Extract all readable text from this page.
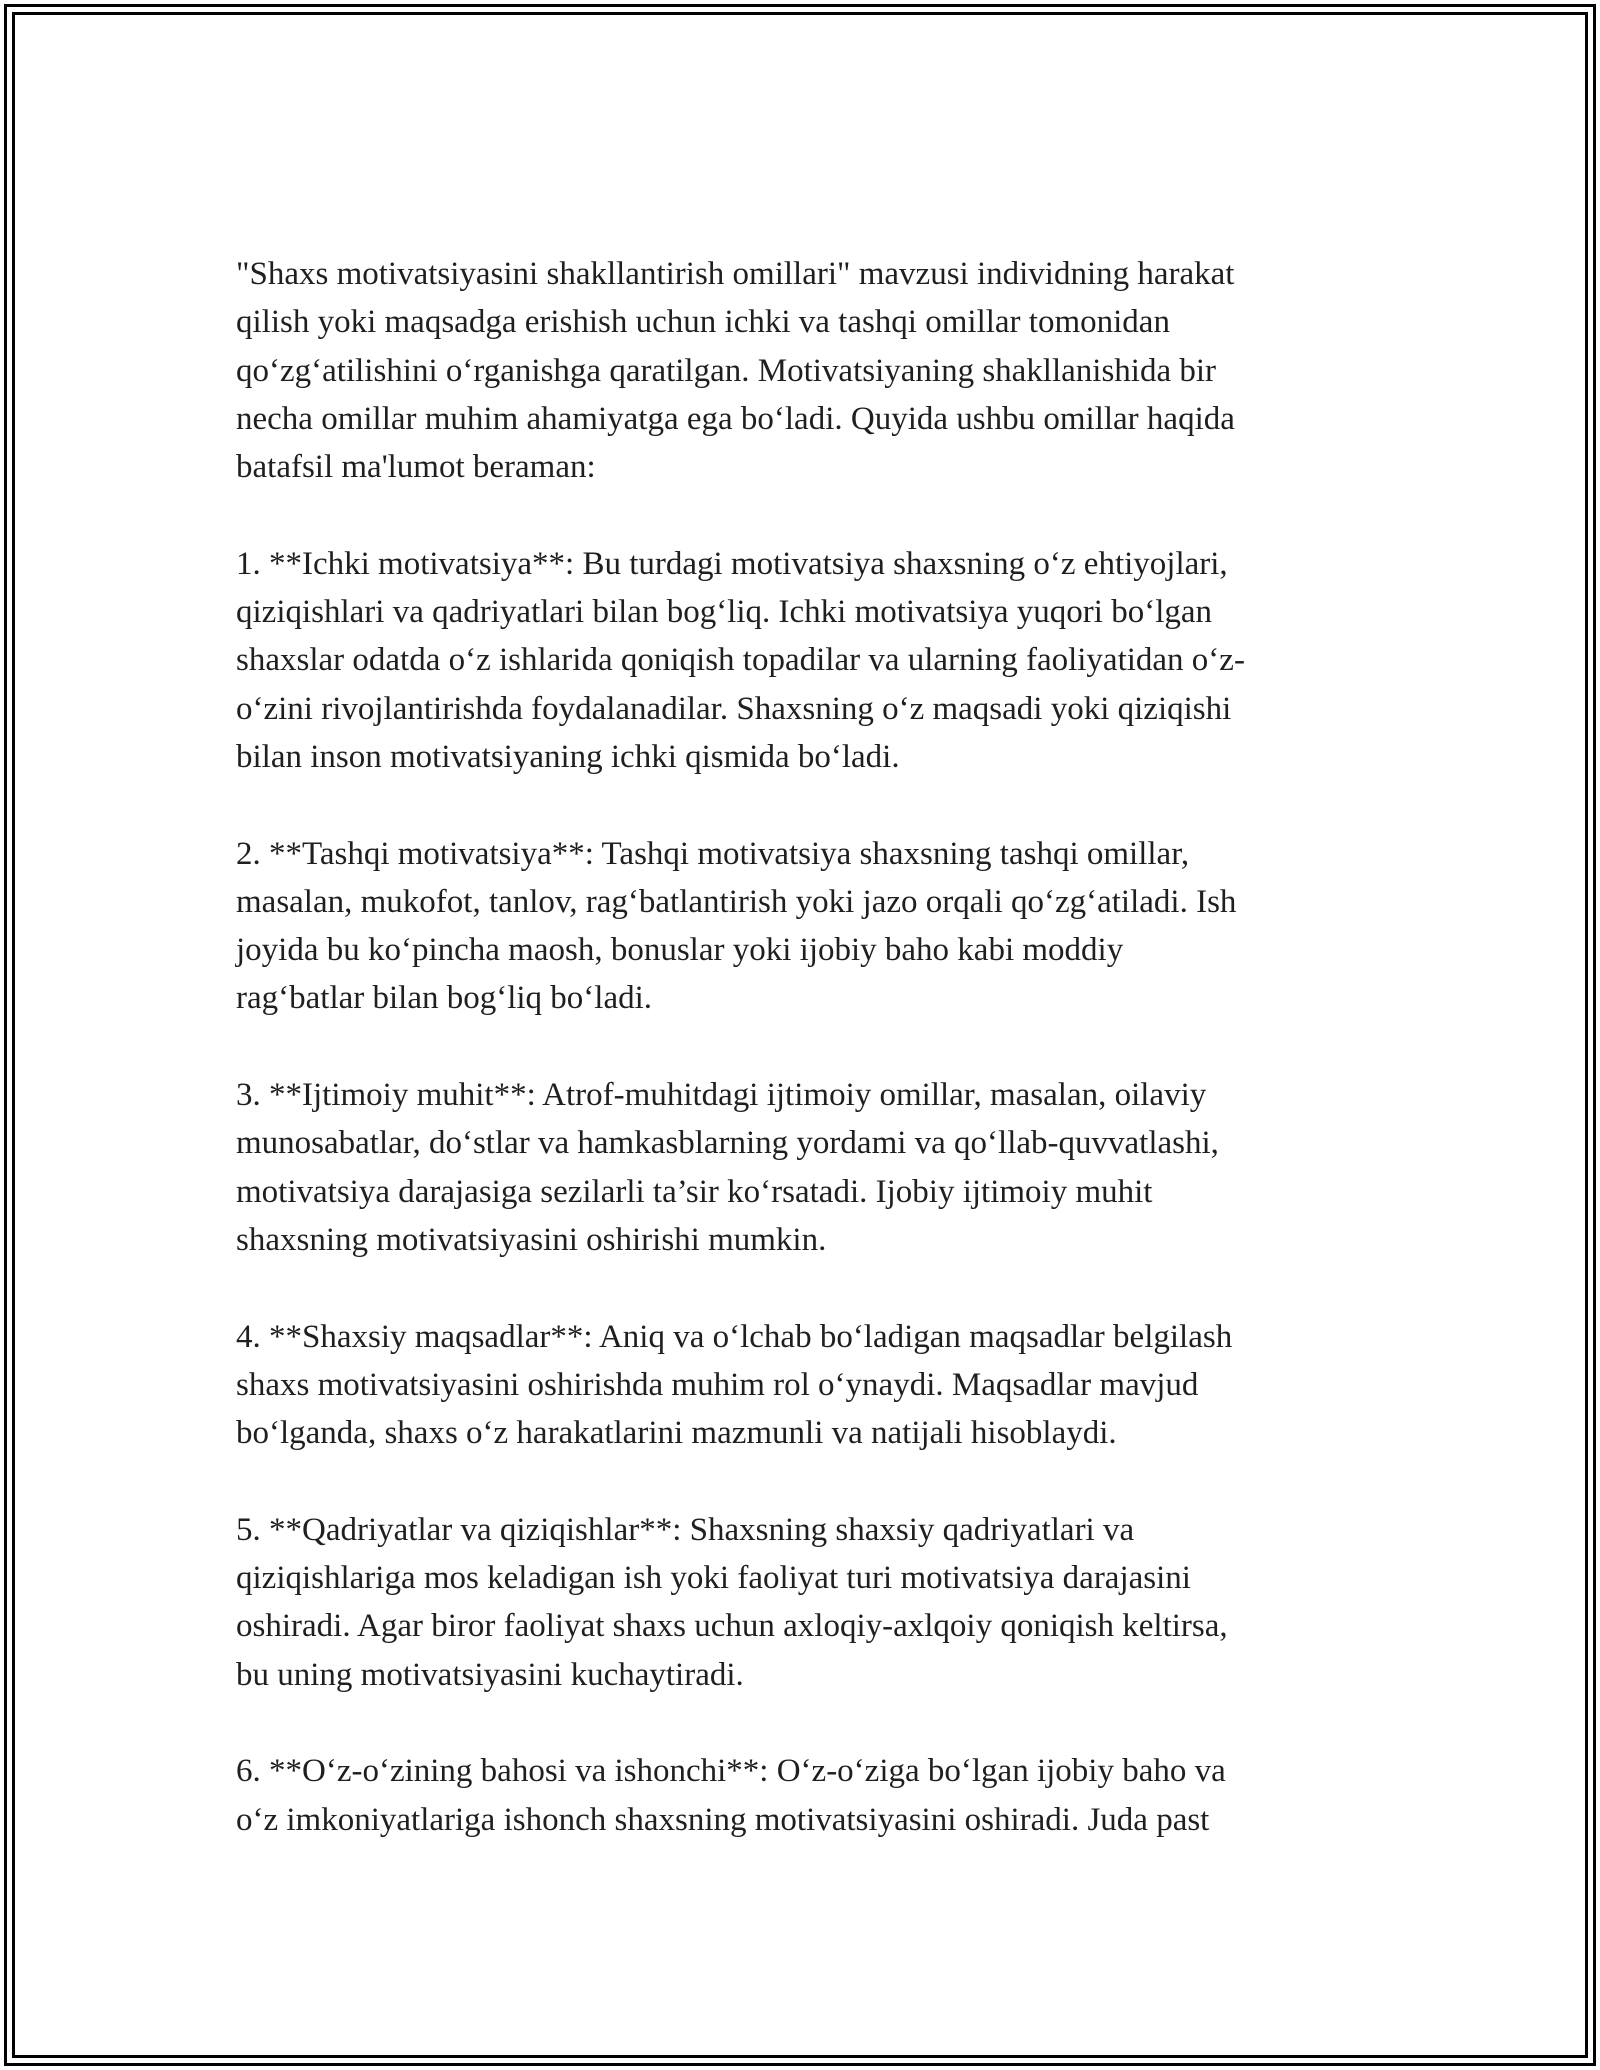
"Shaxs motivatsiyasini shakllantirish omillari" mavzusi individning harakat
qilish yoki maqsadga erishish uchun ichki va tashqi omillar tomonidan
qo‘zg‘atilishini o‘rganishga qaratilgan. Motivatsiyaning shakllanishida bir
necha omillar muhim ahamiyatga ega bo‘ladi. Quyida ushbu omillar haqida
batafsil ma'lumot beraman:

1. **Ichki motivatsiya**: Bu turdagi motivatsiya shaxsning o‘z ehtiyojlari,
qiziqishlari va qadriyatlari bilan bog‘liq. Ichki motivatsiya yuqori bo‘lgan
shaxslar odatda o‘z ishlarida qoniqish topadilar va ularning faoliyatidan o‘z-
o‘zini rivojlantirishda foydalanadilar. Shaxsning o‘z maqsadi yoki qiziqishi
bilan inson motivatsiyaning ichki qismida bo‘ladi.

2. **Tashqi motivatsiya**: Tashqi motivatsiya shaxsning tashqi omillar,
masalan, mukofot, tanlov, rag‘batlantirish yoki jazo orqali qo‘zg‘atiladi. Ish
joyida bu ko‘pincha maosh, bonuslar yoki ijobiy baho kabi moddiy
rag‘batlar bilan bog‘liq bo‘ladi.

3. **Ijtimoiy muhit**: Atrof-muhitdagi ijtimoiy omillar, masalan, oilaviy
munosabatlar, do‘stlar va hamkasblarning yordami va qo‘llab-quvvatlashi,
motivatsiya darajasiga sezilarli ta’sir ko‘rsatadi. Ijobiy ijtimoiy muhit
shaxsning motivatsiyasini oshirishi mumkin.

4. **Shaxsiy maqsadlar**: Aniq va o‘lchab bo‘ladigan maqsadlar belgilash
shaxs motivatsiyasini oshirishda muhim rol o‘ynaydi. Maqsadlar mavjud
bo‘lganda, shaxs o‘z harakatlarini mazmunli va natijali hisoblaydi.

5. **Qadriyatlar va qiziqishlar**: Shaxsning shaxsiy qadriyatlari va
qiziqishlariga mos keladigan ish yoki faoliyat turi motivatsiya darajasini
oshiradi. Agar biror faoliyat shaxs uchun axloqiy-axlqoiy qoniqish keltirsa,
bu uning motivatsiyasini kuchaytiradi.

6. **O‘z-o‘zining bahosi va ishonchi**: O‘z-o‘ziga bo‘lgan ijobiy baho va
o‘z imkoniyatlariga ishonch shaxsning motivatsiyasini oshiradi. Juda past
